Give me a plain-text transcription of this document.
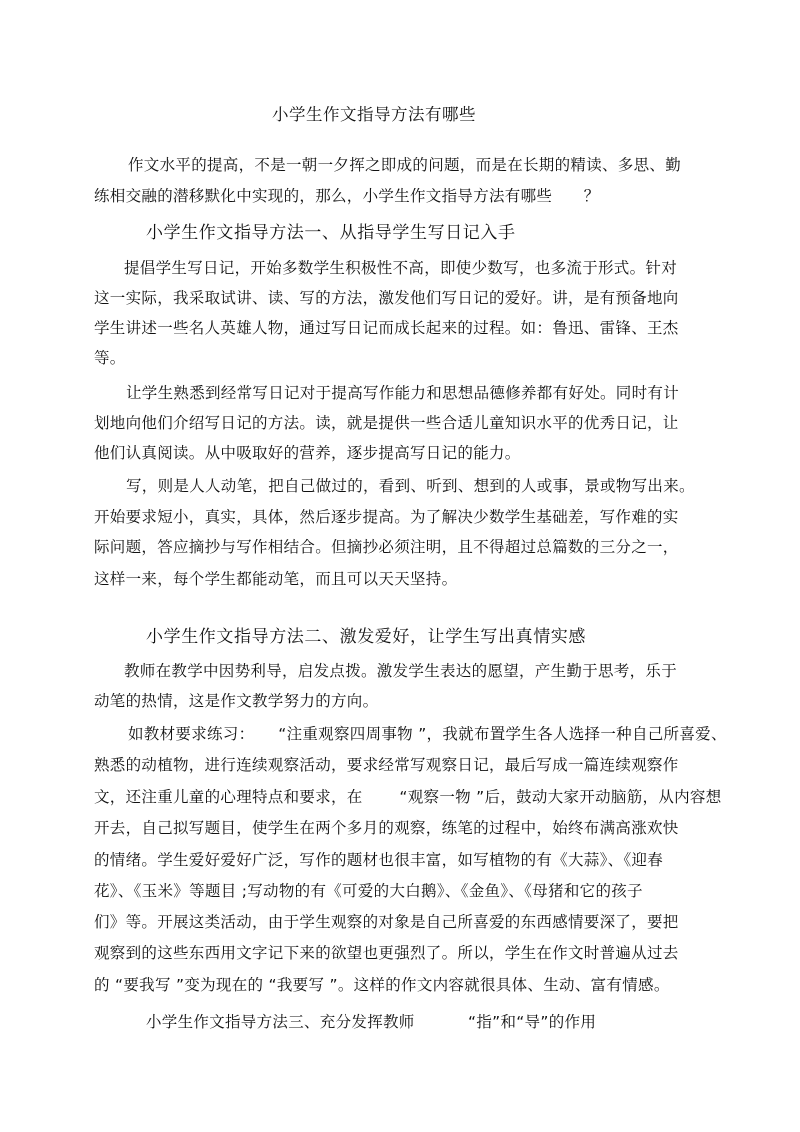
小学生作文指导方法有哪些
作文水平的提高，不是一朝一夕挥之即成的问题，而是在长期的精读、多思、勤
练相交融的潜移默化中实现的，那么，小学生作文指导方法有哪些　　？
小学生作文指导方法一、从指导学生写日记入手
提倡学生写日记，开始多数学生积极性不高，即使少数写，也多流于形式。针对
这一实际，我采取试讲、读、写的方法，激发他们写日记的爱好。讲，是有预备地向
学生讲述一些名人英雄人物，通过写日记而成长起来的过程。如：鲁迅、雷锋、王杰
等。
让学生熟悉到经常写日记对于提高写作能力和思想品德修养都有好处。同时有计
划地向他们介绍写日记的方法。读，就是提供一些合适儿童知识水平的优秀日记，让
他们认真阅读。从中吸取好的营养，逐步提高写日记的能力。
写，则是人人动笔，把自己做过的，看到、听到、想到的人或事，景或物写出来。
开始要求短小，真实，具体，然后逐步提高。为了解决少数学生基础差，写作难的实
际问题，答应摘抄与写作相结合。但摘抄必须注明，且不得超过总篇数的三分之一，
这样一来，每个学生都能动笔，而且可以天天坚持。
小学生作文指导方法二、激发爱好，让学生写出真情实感
教师在教学中因势利导，启发点拨。激发学生表达的愿望，产生勤于思考，乐于
动笔的热情，这是作文教学努力的方向。
如教材要求练习：　　“注重观察四周事物 ”，我就布置学生各人选择一种自己所喜爱、
熟悉的动植物，进行连续观察活动，要求经常写观察日记，最后写成一篇连续观察作
文，还注重儿童的心理特点和要求，在　　 “观察一物 ”后，鼓动大家开动脑筋，从内容想
开去，自己拟写题目，使学生在两个多月的观察，练笔的过程中，始终布满高涨欢快
的情绪。学生爱好爱好广泛，写作的题材也很丰富，如写植物的有《大蒜》、《迎春
花》、《玉米》等题目 ;写动物的有《可爱的大白鹅》、《金鱼》、《母猪和它的孩子
们》等。开展这类活动，由于学生观察的对象是自己所喜爱的东西感情要深了，要把
观察到的这些东西用文字记下来的欲望也更强烈了。所以，学生在作文时普遍从过去
的 “要我写 ”变为现在的 “我要写 ”。这样的作文内容就很具体、生动、富有情感。
小学生作文指导方法三、充分发挥教师	“指”和“导”的作用
